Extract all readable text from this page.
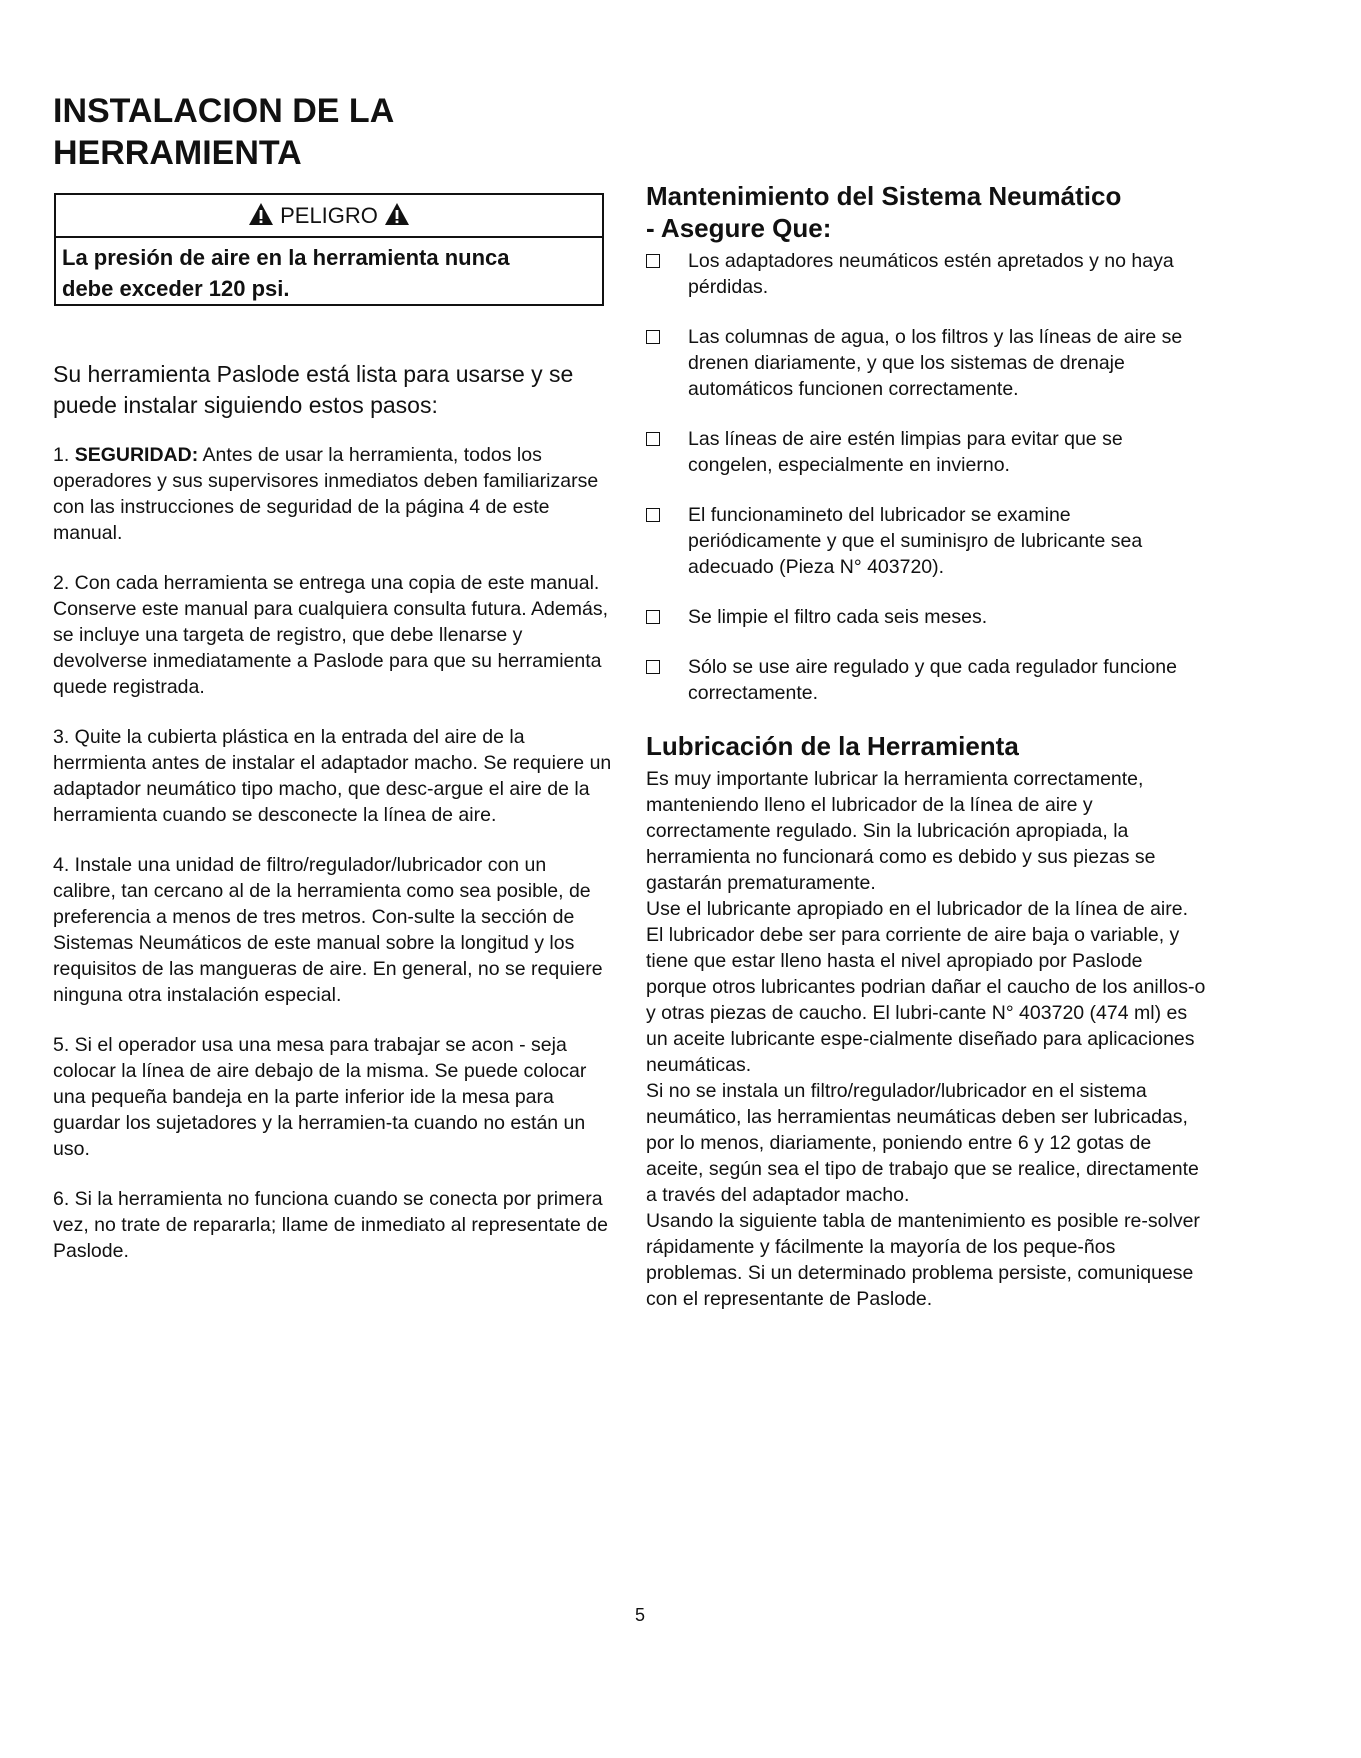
INSTALACION DE LA
HERRAMIENTA
PELIGRO
La presión de aire en la herramienta nunca
debe exceder 120 psi.

Su herramienta Paslode está lista para usarse y se puede instalar siguiendo estos pasos:

1. SEGURIDAD: Antes de usar la herramienta, todos los operadores y sus supervisores inmediatos deben familiarizarse con las instrucciones de seguridad de la página 4 de este manual.

2. Con cada herramienta se entrega una copia de este manual. Conserve este manual para cualquiera consulta futura. Además, se incluye una targeta de registro, que debe llenarse y devolverse inmediatamente a Paslode para que su herramienta quede registrada.

3. Quite la cubierta plástica en la entrada del aire de la herrmienta antes de instalar el adaptador macho. Se requiere un adaptador neumático tipo macho, que desc-argue el aire de la herramienta cuando se desconecte la línea de aire.

4. Instale una unidad de filtro/regulador/lubricador con un calibre, tan cercano al de la herramienta como sea posible, de preferencia a menos de tres metros. Con-sulte la sección de Sistemas Neumáticos de este manual sobre la longitud y los requisitos de las mangueras de aire. En general, no se requiere ninguna otra instalación especial.

5. Si el operador usa una mesa para trabajar se acon - seja colocar la línea de aire debajo de la misma. Se puede colocar una pequeña bandeja en la parte inferior ide la mesa para guardar los sujetadores y la herramien-ta cuando no están un uso.

6. Si la herramienta no funciona cuando se conecta por primera vez, no trate de repararla; llame de inmediato al representate de Paslode.

Mantenimiento del Sistema Neumático
- Asegure Que:
Los adaptadores neumáticos estén apretados y no haya pérdidas.
Las columnas de agua, o los filtros y las líneas de aire se drenen diariamente, y que los sistemas de drenaje automáticos funcionen correctamente.
Las líneas de aire estén limpias para evitar que se congelen, especialmente en invierno.
El funcionamineto del lubricador se examine periódicamente y que el suminisȷro de lubricante sea adecuado (Pieza N° 403720).
Se limpie el filtro cada seis meses.
Sólo se use aire regulado y que cada regulador funcione correctamente.
Lubricación de la Herramienta
Es muy importante lubricar la herramienta correctamente, manteniendo lleno el lubricador de la línea de aire y correctamente regulado. Sin la lubricación apropiada, la herramienta no funcionará como es debido y sus piezas se gastarán prematuramente.
Use el lubricante apropiado en el lubricador de la línea de aire. El lubricador debe ser para corriente de aire baja o variable, y tiene que estar lleno hasta el nivel apropiado por Paslode porque otros lubricantes podrian dañar el caucho de los anillos-o y otras piezas de caucho. El lubri-cante N° 403720 (474 ml) es un aceite lubricante espe-cialmente diseñado para aplicaciones neumáticas.
Si no se instala un filtro/regulador/lubricador en el sistema neumático, las herramientas neumáticas deben ser lubricadas, por lo menos, diariamente, poniendo entre 6 y 12 gotas de aceite, según sea el tipo de trabajo que se realice, directamente a través del adaptador macho.
Usando la siguiente tabla de mantenimiento es posible re-solver rápidamente y fácilmente la mayoría de los peque-ños problemas. Si un determinado problema persiste, comuniquese con el representante de Paslode.
5
